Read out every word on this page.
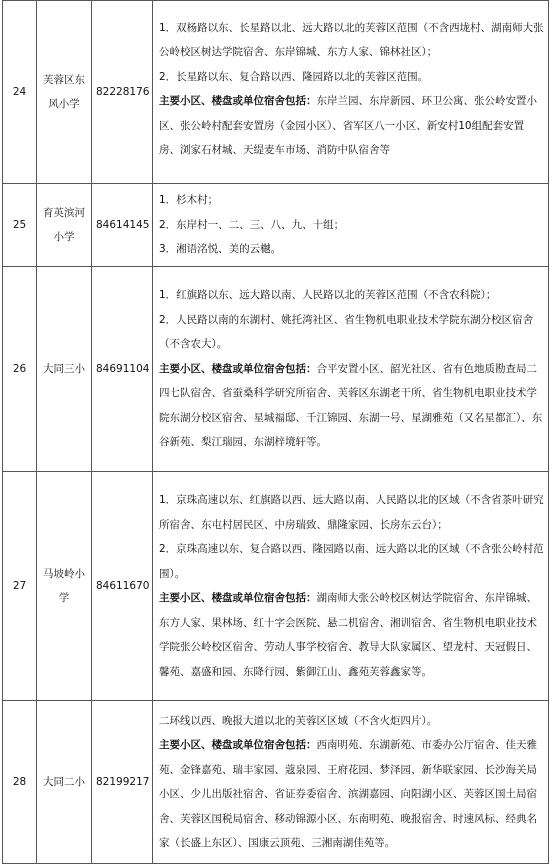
24	芙蓉区东风小学	82228176	1．双杨路以东、长星路以北、远大路以北的芙蓉区范围（不含西垅村、湖南师大张公岭校区树达学院宿舍、东岸锦城、东方人家、锦林社区）；
2．长星路以东、复合路以西、隆园路以北的芙蓉区范围。
主要小区、楼盘或单位宿舍包括：东岸兰园、东岸新园、环卫公寓、张公岭安置小区、张公岭村配套安置房（金园小区）、省军区八一小区、新安村10组配套安置房、浏家石材城、天缇麦车市场、消防中队宿舍等

25	育英滨河小学	84614145	1．杉木村；
2．东岸村一、二、三、八、九、十组；
3．湘语洺悦、美的云樾。

26	大同三小	84691104	1．红旗路以东、远大路以南、人民路以北的芙蓉区范围（不含农科院）；
2．人民路以南的东湖村、姚托湾社区、省生物机电职业技术学院东湖分校区宿舍（不含农大）。
主要小区、楼盘或单位宿舍包括：合平安置小区、韶光社区、省有色地质勘查局二四七队宿舍、省蚕桑科学研究所宿舍、芙蓉区东湖老干所、省生物机电职业技术学院东湖分校区宿舍、星城福邸、千江锦园、东湖一号、星湖雅苑（又名星都汇）、东谷新苑、梨江瑞园、东湖梓境轩等。

27	马坡岭小学	84611670	1．京珠高速以东、红旗路以西、远大路以南、人民路以北的区域（不含省茶叶研究所宿舍、东屯村居民区、中房瑞致、鼎隆家园、长房东云台）；
2．京珠高速以东、复合路以西、隆园路以南、远大路以北的区域（不含张公岭村范围）。
主要小区、楼盘或单位宿舍包括：湖南师大张公岭校区树达学院宿舍、东岸锦城、东方人家、果林场、红十字会医院、悬二机宿舍、湘训宿舍、省生物机电职业技术学院张公岭校区宿舍、劳动人事学校宿舍、教导大队家属区、望龙村、天冠假日、馨苑、嘉盛和园、东降行园、紫御江山、鑫苑芙蓉鑫家等。

28	大同二小	82199217	二环线以西、晚报大道以北的芙蓉区区域（不含火炬四片）。
主要小区、楼盘或单位宿舍包括：西南明苑、东湖新苑、市委办公厅宿舍、佳天雅苑、金锋嘉苑、瑞丰家园、蔻泉园、王府花园、梦泽园、新华联家园、长沙海关局小区、少儿出版社宿舍、省证券委宿舍、滨湖嘉园、向阳湖小区、芙蓉区国土局宿舍、芙蓉区国税局宿舍、移动锦源小区、东南明苑、晚报宿舍、时速风标、经典名家（长盛上东区）、国康云顶苑、三湘南湖佳苑等。
